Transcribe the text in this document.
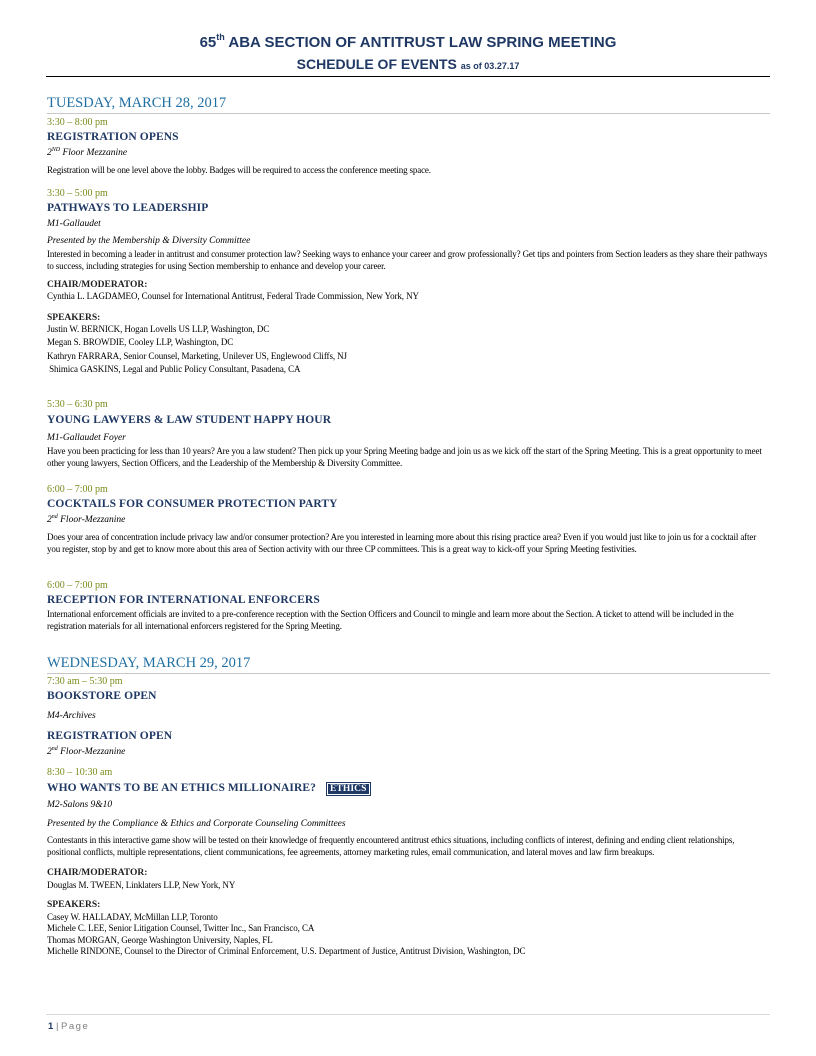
65th ABA SECTION OF ANTITRUST LAW SPRING MEETING
SCHEDULE OF EVENTS as of 03.27.17
TUESDAY, MARCH 28, 2017
3:30 – 8:00 pm
REGISTRATION OPENS
2ND Floor Mezzanine
Registration will be one level above the lobby. Badges will be required to access the conference meeting space.
3:30 – 5:00 pm
PATHWAYS TO LEADERSHIP
M1-Gallaudet
Presented by the Membership & Diversity Committee
Interested in becoming a leader in antitrust and consumer protection law? Seeking ways to enhance your career and grow professionally? Get tips and pointers from Section leaders as they share their pathways to success, including strategies for using Section membership to enhance and develop your career.
CHAIR/MODERATOR:
Cynthia L. LAGDAMEO, Counsel for International Antitrust, Federal Trade Commission, New York, NY
SPEAKERS:
Justin W. BERNICK, Hogan Lovells US LLP, Washington, DC
Megan S. BROWDIE, Cooley LLP, Washington, DC
Kathryn FARRARA, Senior Counsel, Marketing, Unilever US, Englewood Cliffs, NJ
Shimica GASKINS, Legal and Public Policy Consultant, Pasadena, CA
5:30 – 6:30 pm
YOUNG LAWYERS & LAW STUDENT HAPPY HOUR
M1-Gallaudet Foyer
Have you been practicing for less than 10 years? Are you a law student? Then pick up your Spring Meeting badge and join us as we kick off the start of the Spring Meeting. This is a great opportunity to meet other young lawyers, Section Officers, and the Leadership of the Membership & Diversity Committee.
6:00 – 7:00 pm
COCKTAILS FOR CONSUMER PROTECTION PARTY
2nd Floor-Mezzanine
Does your area of concentration include privacy law and/or consumer protection? Are you interested in learning more about this rising practice area? Even if you would just like to join us for a cocktail after you register, stop by and get to know more about this area of Section activity with our three CP committees. This is a great way to kick-off your Spring Meeting festivities.
6:00 – 7:00 pm
RECEPTION FOR INTERNATIONAL ENFORCERS
International enforcement officials are invited to a pre-conference reception with the Section Officers and Council to mingle and learn more about the Section. A ticket to attend will be included in the registration materials for all international enforcers registered for the Spring Meeting.
WEDNESDAY, MARCH 29, 2017
7:30 am – 5:30 pm
BOOKSTORE OPEN
M4-Archives
REGISTRATION OPEN
2nd Floor-Mezzanine
8:30 – 10:30 am
WHO WANTS TO BE AN ETHICS MILLIONAIRE? ETHICS
M2-Salons 9&10
Presented by the Compliance & Ethics and Corporate Counseling Committees
Contestants in this interactive game show will be tested on their knowledge of frequently encountered antitrust ethics situations, including conflicts of interest, defining and ending client relationships, positional conflicts, multiple representations, client communications, fee agreements, attorney marketing rules, email communication, and lateral moves and law firm breakups.
CHAIR/MODERATOR:
Douglas M. TWEEN, Linklaters LLP, New York, NY
SPEAKERS:
Casey W. HALLADAY, McMillan LLP, Toronto
Michele C. LEE, Senior Litigation Counsel, Twitter Inc., San Francisco, CA
Thomas MORGAN, George Washington University, Naples, FL
Michelle RINDONE, Counsel to the Director of Criminal Enforcement, U.S. Department of Justice, Antitrust Division, Washington, DC
1 | Page
